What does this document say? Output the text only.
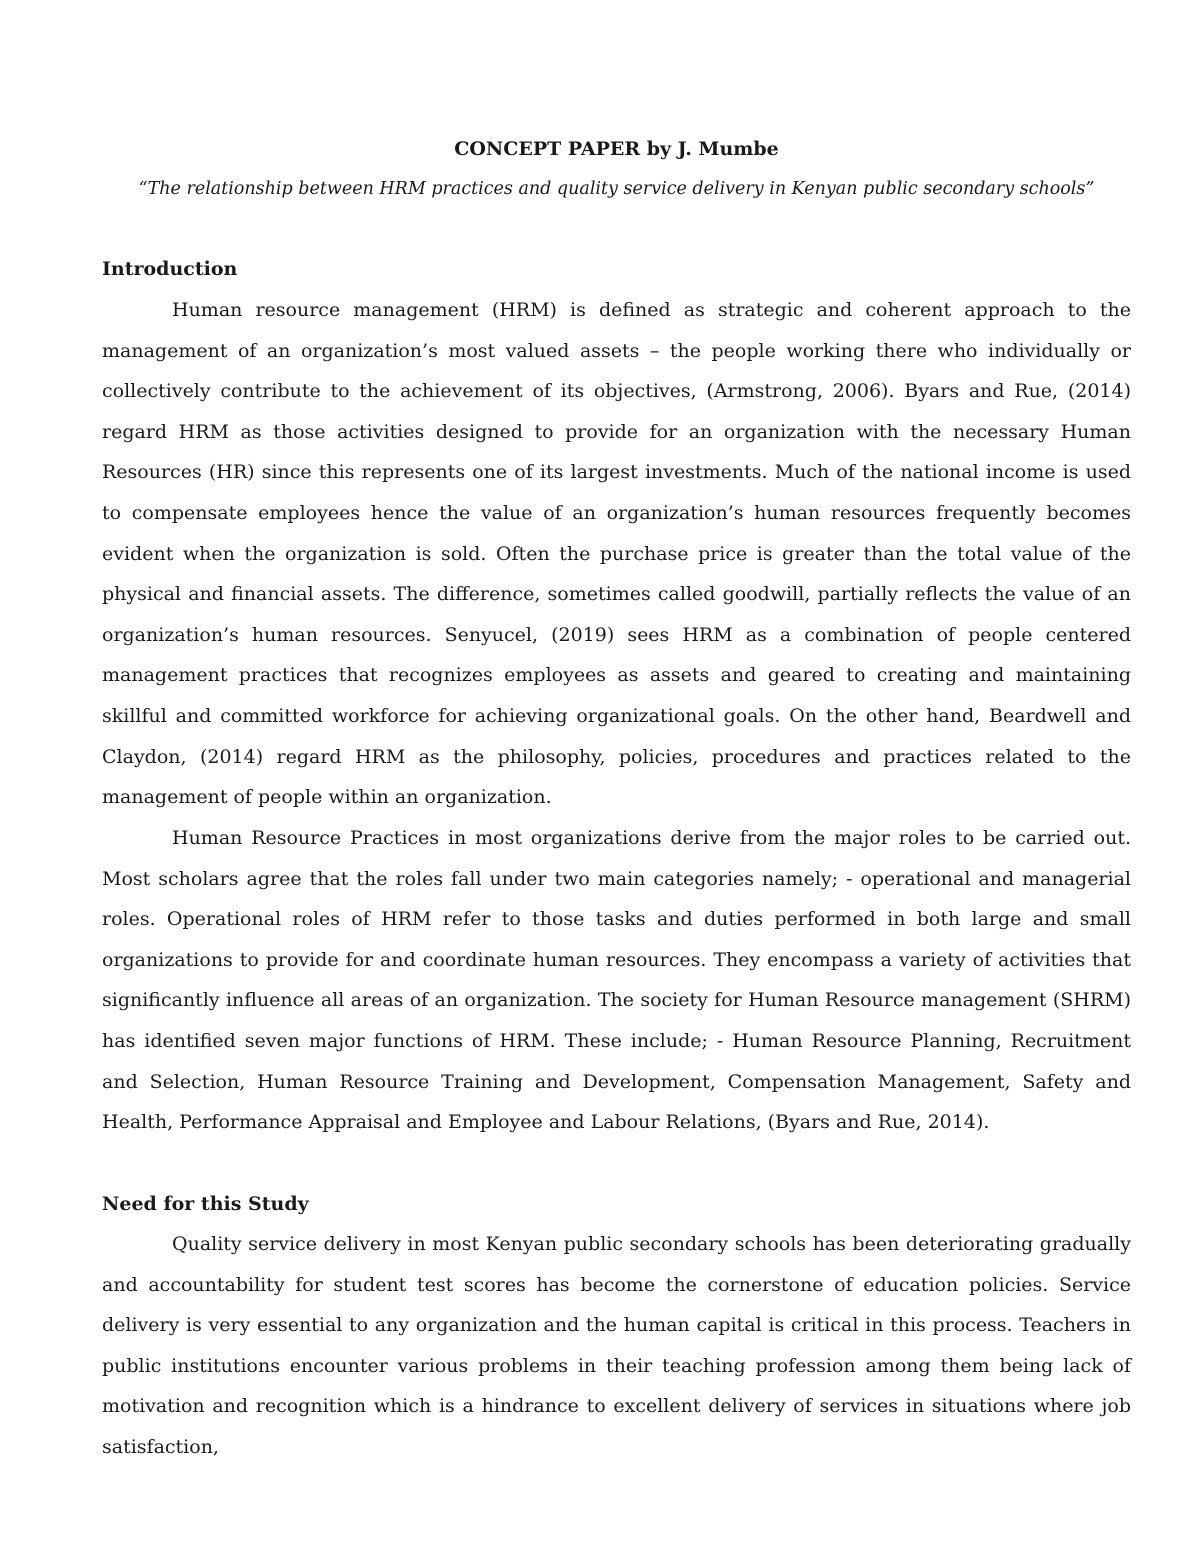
CONCEPT PAPER by J. Mumbe

“The relationship between HRM practices and quality service delivery in Kenyan public secondary schools”

Introduction

Human resource management (HRM) is defined as strategic and coherent approach to the management of an organization’s most valued assets – the people working there who individually or collectively contribute to the achievement of its objectives, (Armstrong, 2006). Byars and Rue, (2014) regard HRM as those activities designed to provide for an organization with the necessary Human Resources (HR) since this represents one of its largest investments. Much of the national income is used to compensate employees hence the value of an organization’s human resources frequently becomes evident when the organization is sold. Often the purchase price is greater than the total value of the physical and financial assets. The difference, sometimes called goodwill, partially reflects the value of an organization’s human resources. Senyucel, (2019) sees HRM as a combination of people centered management practices that recognizes employees as assets and geared to creating and maintaining skillful and committed workforce for achieving organizational goals. On the other hand, Beardwell and Claydon, (2014) regard HRM as the philosophy, policies, procedures and practices related to the management of people within an organization.

Human Resource Practices in most organizations derive from the major roles to be carried out. Most scholars agree that the roles fall under two main categories namely; - operational and managerial roles. Operational roles of HRM refer to those tasks and duties performed in both large and small organizations to provide for and coordinate human resources. They encompass a variety of activities that significantly influence all areas of an organization. The society for Human Resource management (SHRM) has identified seven major functions of HRM. These include; - Human Resource Planning, Recruitment and Selection, Human Resource Training and Development, Compensation Management, Safety and Health, Performance Appraisal and Employee and Labour Relations, (Byars and Rue, 2014).

Need for this Study

Quality service delivery in most Kenyan public secondary schools has been deteriorating gradually and accountability for student test scores has become the cornerstone of education policies. Service delivery is very essential to any organization and the human capital is critical in this process. Teachers in public institutions encounter various problems in their teaching profession among them being lack of motivation and recognition which is a hindrance to excellent delivery of services in situations where job satisfaction,
